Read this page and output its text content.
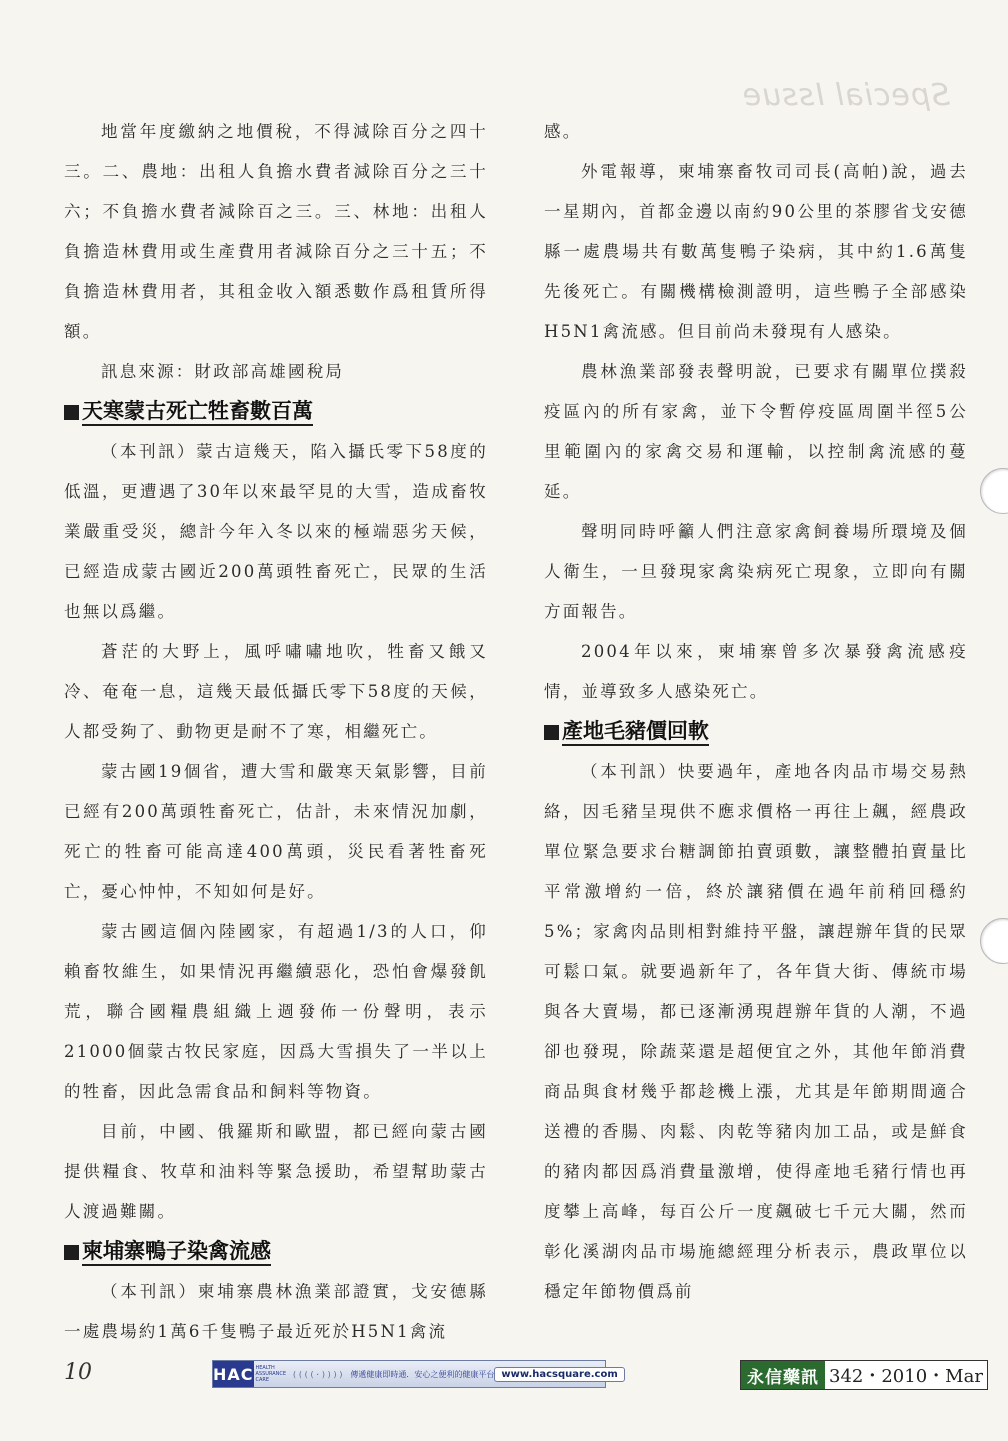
Special Issue

地當年度繳納之地價稅，不得減除百分之四十三。二、農地：出租人負擔水費者減除百分之三十六；不負擔水費者減除百之三。三、林地：出租人負擔造林費用或生產費用者減除百分之三十五；不負擔造林費用者，其租金收入額悉數作爲租賃所得額。

訊息來源：財政部高雄國稅局

天寒蒙古死亡牲畜數百萬

（本刊訊）蒙古這幾天，陷入攝氏零下58度的低溫，更遭遇了30年以來最罕見的大雪，造成畜牧業嚴重受災，總計今年入冬以來的極端惡劣天候，已經造成蒙古國近200萬頭牲畜死亡，民眾的生活也無以爲繼。

蒼茫的大野上，風呼嘯嘯地吹，牲畜又餓又冷、奄奄一息，這幾天最低攝氏零下58度的天候，人都受夠了、動物更是耐不了寒，相繼死亡。

蒙古國19個省，遭大雪和嚴寒天氣影響，目前已經有200萬頭牲畜死亡，估計，未來情況加劇，死亡的牲畜可能高達400萬頭，災民看著牲畜死亡，憂心忡忡，不知如何是好。

蒙古國這個內陸國家，有超過1/3的人口，仰賴畜牧維生，如果情況再繼續惡化，恐怕會爆發飢荒，聯合國糧農組織上週發佈一份聲明，表示21000個蒙古牧民家庭，因爲大雪損失了一半以上的牲畜，因此急需食品和飼料等物資。

目前，中國、俄羅斯和歐盟，都已經向蒙古國提供糧食、牧草和油料等緊急援助，希望幫助蒙古人渡過難關。

柬埔寨鴨子染禽流感

（本刊訊）柬埔寨農林漁業部證實，戈安德縣一處農場約1萬6千隻鴨子最近死於H5N1禽流

感。

外電報導，柬埔寨畜牧司司長(高帕)說，過去一星期內，首都金邊以南約90公里的茶膠省戈安德縣一處農場共有數萬隻鴨子染病，其中約1.6萬隻先後死亡。有關機構檢測證明，這些鴨子全部感染H5N1禽流感。但目前尚未發現有人感染。

農林漁業部發表聲明說，已要求有關單位撲殺疫區內的所有家禽，並下令暫停疫區周圍半徑5公里範圍內的家禽交易和運輸，以控制禽流感的蔓延。

聲明同時呼籲人們注意家禽飼養場所環境及個人衛生，一旦發現家禽染病死亡現象，立即向有關方面報告。

2004年以來，柬埔寨曾多次暴發禽流感疫情，並導致多人感染死亡。

產地毛豬價回軟

（本刊訊）快要過年，產地各肉品市場交易熱絡，因毛豬呈現供不應求價格一再往上飆，經農政單位緊急要求台糖調節拍賣頭數，讓整體拍賣量比平常激增約一倍，終於讓豬價在過年前稍回穩約 5%；家禽肉品則相對維持平盤，讓趕辦年貨的民眾可鬆口氣。就要過新年了，各年貨大街、傳統市場與各大賣場，都已逐漸湧現趕辦年貨的人潮，不過卻也發現，除蔬菜還是超便宜之外，其他年節消費商品與食材幾乎都趁機上漲，尤其是年節期間適合送禮的香腸、肉鬆、肉乾等豬肉加工品，或是鮮食的豬肉都因爲消費量激增，使得產地毛豬行情也再度攀上高峰，每百公斤一度飆破七千元大關，然而彰化溪湖肉品市場施總經理分析表示，農政單位以穩定年節物價爲前

10	HAC HEALTH ASSURANCE CARE
((((·)))) 傳遞健康即時通．安心之便利的健康平台 www.hacsquare.com	永信藥訊 342・2010・Mar
